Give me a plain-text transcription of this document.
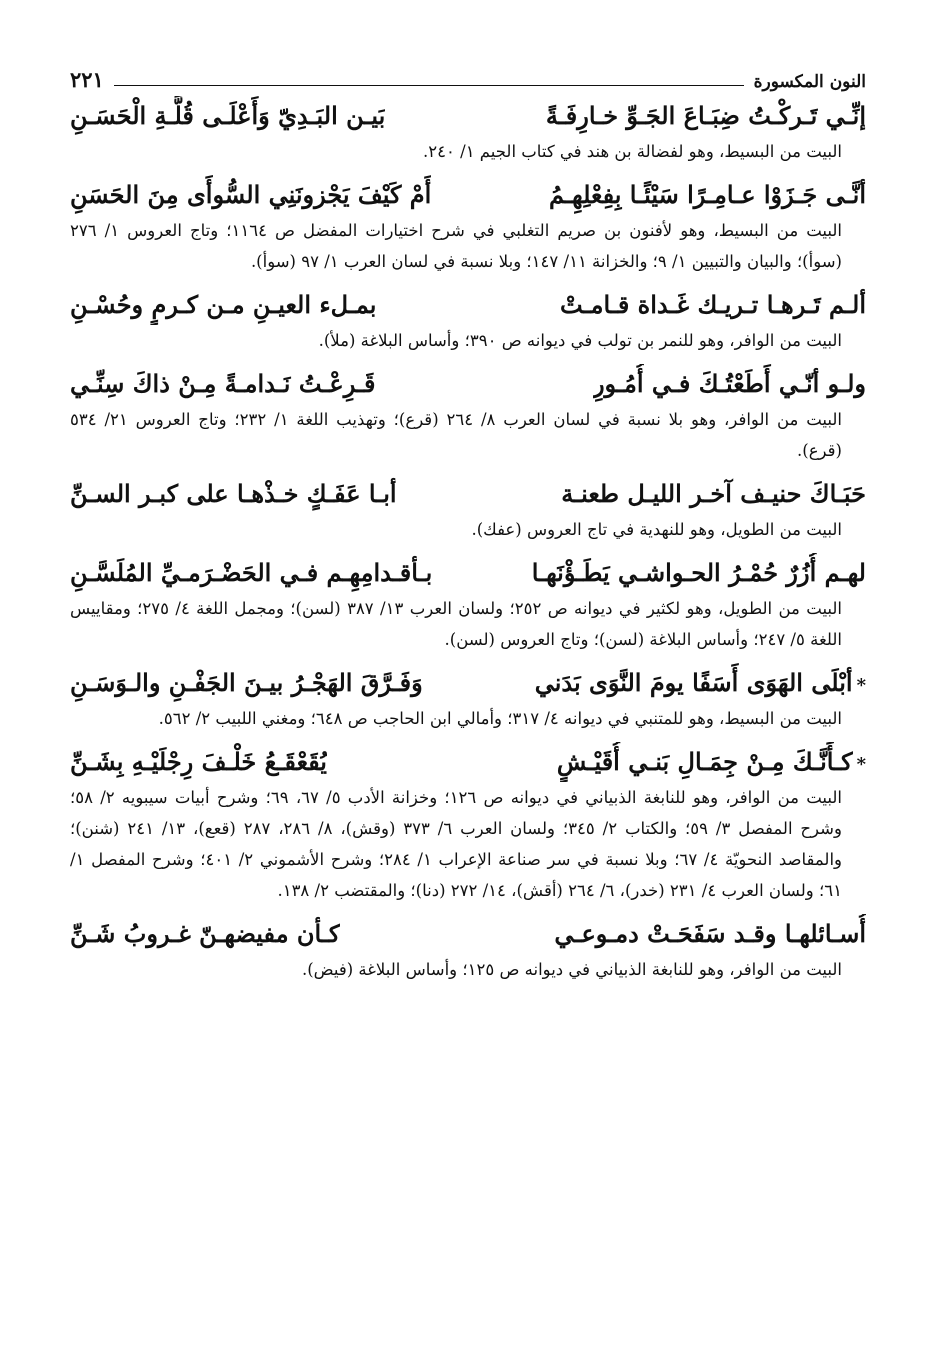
النون المكسورة
٢٢١
إنِّـي تَـركْـتُ ضِبَـاعَ الجَـوِّ خـارِفَـةً
بَيـن البَـدِيّ وَأَعْلَـى قُلَّـةِ الْحَسَـنِ

البيت من البسيط، وهو لفضالة بن هند في كتاب الجيم ١/ ٢٤٠.

أنَّـى جَـزَوْا عـامِـرًا سَيْئًـا بِفِعْلِهِـمُ
أَمْ كَيْفَ يَجْزونَنِي السُّوأَى مِنَ الحَسَنِ

البيت من البسيط، وهو لأفنون بن صريم التغلبي في شرح اختيارات المفضل ص ١١٦٤؛ وتاج العروس ١/ ٢٧٦ (سوأ)؛ والبيان والتبيين ١/ ٩؛ والخزانة ١١/ ١٤٧؛ وبلا نسبة في لسان العرب ١/ ٩٧ (سوأ).

ألـم تَـرهـا تـريـك غَـداة قـامـتْ
بمـلء العيـنِ مـن كـرمٍ وحُسْـنِ

البيت من الوافر، وهو للنمر بن تولب في ديوانه ص ٣٩٠؛ وأساس البلاغة (ملأ).

ولـو أنّـي أَطَعْتُـكَ فـي أُمُـورِ
قَـرِعْـتُ نَـدامـةً مِـنْ ذاكَ سِنِّـي

البيت من الوافر، وهو بلا نسبة في لسان العرب ٨/ ٢٦٤ (قرع)؛ وتهذيب اللغة ١/ ٢٣٢؛ وتاج العروس ٢١/ ٥٣٤ (قرع).

حَبَـاكَ حنيـف آخـر الليـل طعنـة
أبـا عَفَـكٍ خـذْهـا على كبـر السـنِّ

البيت من الطويل، وهو للنهدية في تاج العروس (عفك).

لهـم أُزُرٌ حُمْـرُ الحـواشـي يَطَـؤْنَهـا
بـأقـدامِهِـم فـي الحَضْـرَمـيِّ المُلَسَّـنِ

البيت من الطويل، وهو لكثير في ديوانه ص ٢٥٢؛ ولسان العرب ١٣/ ٣٨٧ (لسن)؛ ومجمل اللغة ٤/ ٢٧٥؛ ومقاييس اللغة ٥/ ٢٤٧؛ وأساس البلاغة (لسن)؛ وتاج العروس (لسن).

*أبْلَى الهَوَى أَسَفًا يومَ النَّوَى بَدَني
وَفَـرَّقَ الهَجْـرُ بيـنَ الجَفْـنِ والـوَسَـنِ

البيت من البسيط، وهو للمتنبي في ديوانه ٤/ ٣١٧؛ وأمالي ابن الحاجب ص ٦٤٨؛ ومغني اللبيب ٢/ ٥٦٢.

*كـأَنَّـكَ مِـنْ جِمَـالِ بَنـي أُقَيْـشٍ
يُقَعْقَـعُ خَلْـفَ رِجْلَيْـهِ بِشَـنِّ

البيت من الوافر، وهو للنابغة الذبياني في ديوانه ص ١٢٦؛ وخزانة الأدب ٥/ ٦٧، ٦٩؛ وشرح أبيات سيبويه ٢/ ٥٨؛ وشرح المفصل ٣/ ٥٩؛ والكتاب ٢/ ٣٤٥؛ ولسان العرب ٦/ ٣٧٣ (وقش)، ٨/ ٢٨٦، ٢٨٧ (قعع)، ١٣/ ٢٤١ (شنن)؛ والمقاصد النحويّة ٤/ ٦٧؛ وبلا نسبة في سر صناعة الإعراب ١/ ٢٨٤؛ وشرح الأشموني ٢/ ٤٠١؛ وشرح المفصل ١/ ٦١؛ ولسان العرب ٤/ ٢٣١ (خدر)، ٦/ ٢٦٤ (أقش)، ١٤/ ٢٧٢ (دنا)؛ والمقتضب ٢/ ١٣٨.

أُسـائلهـا وقـد سَفَحَـتْ دمـوعـي
كـأن مفيضهـنّ غـروبُ شَـنِّ

البيت من الوافر، وهو للنابغة الذبياني في ديوانه ص ١٢٥؛ وأساس البلاغة (فيض).
